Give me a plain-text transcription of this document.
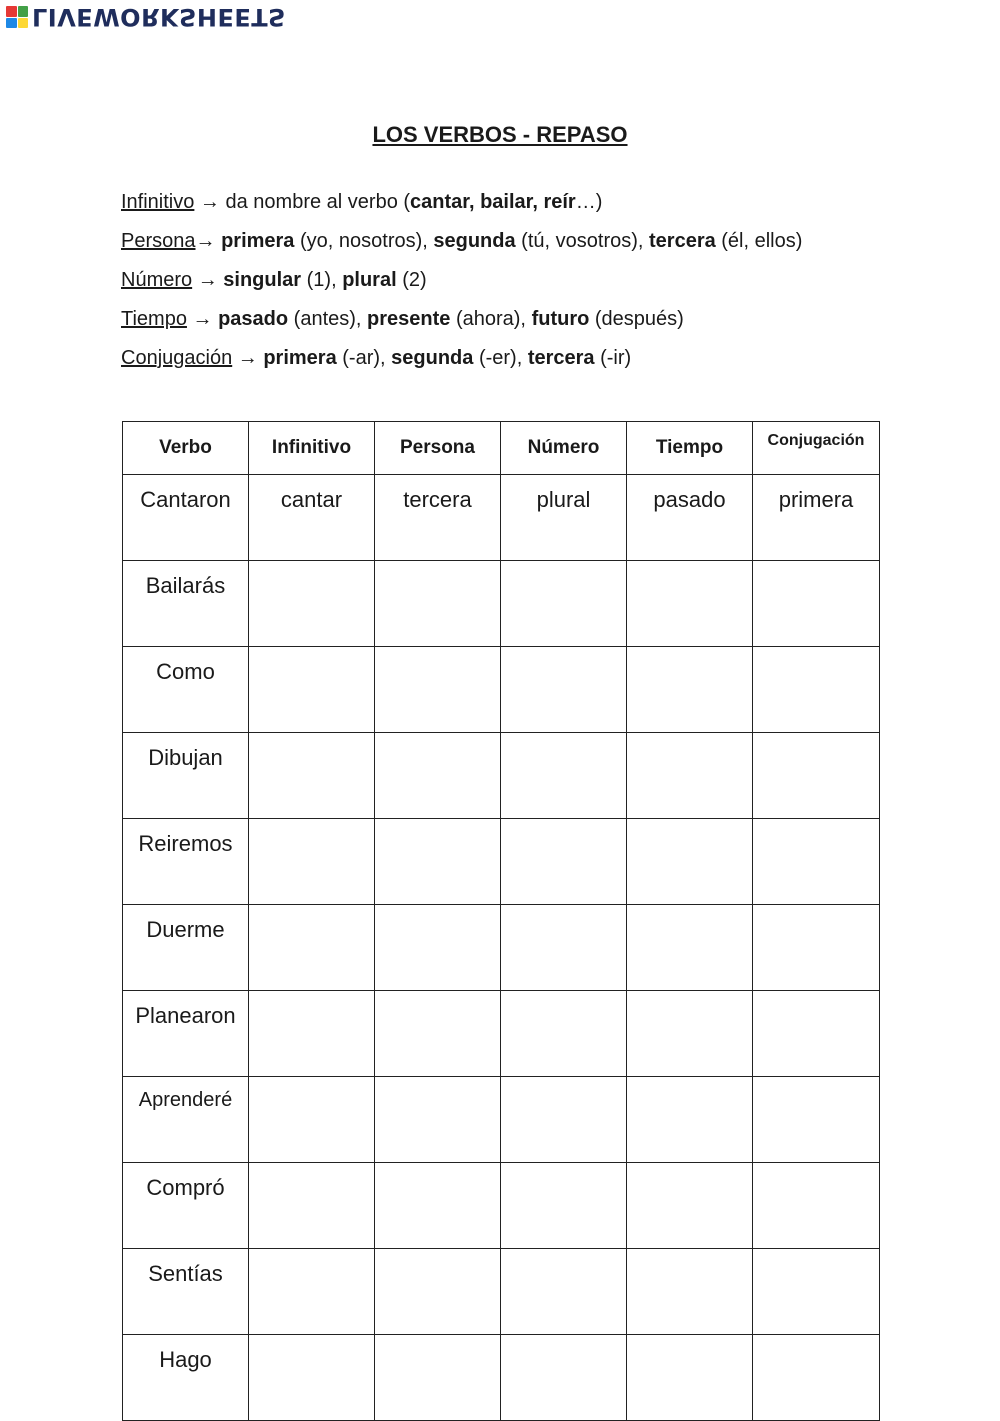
LIVEWORKSHEETS
LOS VERBOS - REPASO
Infinitivo → da nombre al verbo (cantar, bailar, reír…)
Persona→ primera (yo, nosotros), segunda (tú, vosotros), tercera (él, ellos)
Número → singular (1), plural (2)
Tiempo → pasado (antes), presente (ahora), futuro (después)
Conjugación → primera (-ar), segunda (-er), tercera (-ir)
Verbo	Infinitivo	Persona	Número	Tiempo	Conjugación
Cantaron	cantar	tercera	plural	pasado	primera
Bailarás					
Como					
Dibujan					
Reiremos					
Duerme					
Planearon					
Aprenderé					
Compró					
Sentías					
Hago					
